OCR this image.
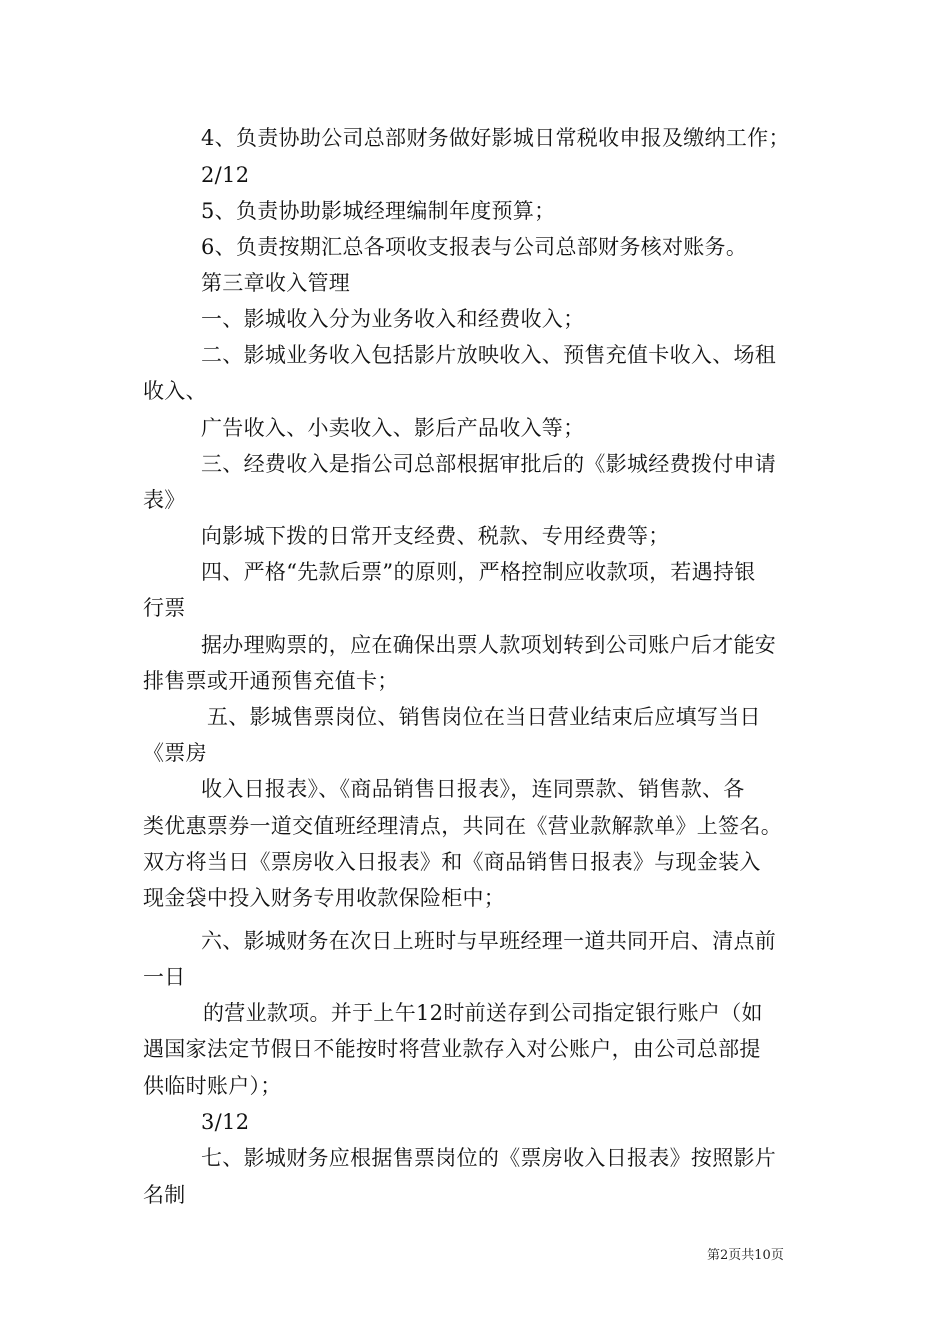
4、负责协助公司总部财务做好影城日常税收申报及缴纳工作；
2/12
5、负责协助影城经理编制年度预算；
6、负责按期汇总各项收支报表与公司总部财务核对账务。
第三章收入管理
一、影城收入分为业务收入和经费收入；
二、影城业务收入包括影片放映收入、预售充值卡收入、场租
收入、
广告收入、小卖收入、影后产品收入等；
三、经费收入是指公司总部根据审批后的《影城经费拨付申请
表》
向影城下拨的日常开支经费、税款、专用经费等；
四、严格“先款后票”的原则，严格控制应收款项，若遇持银
行票
据办理购票的，应在确保出票人款项划转到公司账户后才能安
排售票或开通预售充值卡；
五、影城售票岗位、销售岗位在当日营业结束后应填写当日
《票房
收入日报表》、《商品销售日报表》，连同票款、销售款、各
类优惠票券一道交值班经理清点，共同在《营业款解款单》上签名。
双方将当日《票房收入日报表》和《商品销售日报表》与现金装入
现金袋中投入财务专用收款保险柜中；
六、影城财务在次日上班时与早班经理一道共同开启、清点前
一日
的营业款项。并于上午12时前送存到公司指定银行账户（如
遇国家法定节假日不能按时将营业款存入对公账户，由公司总部提
供临时账户）；
3/12
七、影城财务应根据售票岗位的《票房收入日报表》按照影片
名制
第2页共10页
